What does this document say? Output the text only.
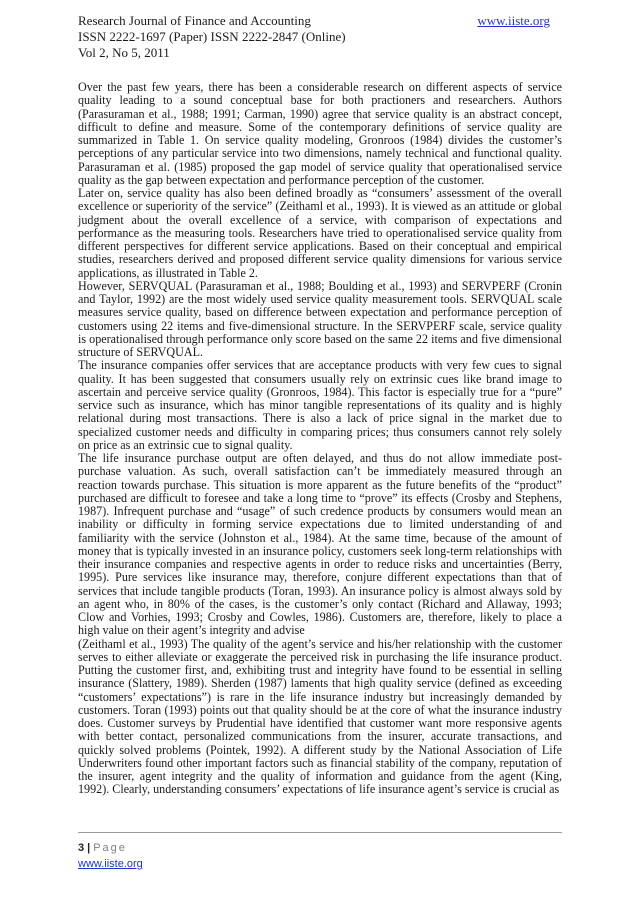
Research Journal of Finance and Accounting	www.iiste.org
ISSN 2222-1697 (Paper) ISSN 2222-2847 (Online)
Vol 2, No 5, 2011

Over the past few years, there has been a considerable research on different aspects of service quality leading to a sound conceptual base for both practioners and researchers. Authors (Parasuraman et al., 1988; 1991; Carman, 1990) agree that service quality is an abstract concept, difficult to define and measure. Some of the contemporary definitions of service quality are summarized in Table 1. On service quality modeling, Gronroos (1984) divides the customer’s perceptions of any particular service into two dimensions, namely technical and functional quality. Parasuraman et al. (1985) proposed the gap model of service quality that operationalised service quality as the gap between expectation and performance perception of the customer.

Later on, service quality has also been defined broadly as “consumers’ assessment of the overall excellence or superiority of the service” (Zeithaml et al., 1993). It is viewed as an attitude or global judgment about the overall excellence of a service, with comparison of expectations and performance as the measuring tools. Researchers have tried to operationalised service quality from different perspectives for different service applications. Based on their conceptual and empirical studies, researchers derived and proposed different service quality dimensions for various service applications, as illustrated in Table 2.

However, SERVQUAL (Parasuraman et al., 1988; Boulding et al., 1993) and SERVPERF (Cronin and Taylor, 1992) are the most widely used service quality measurement tools. SERVQUAL scale measures service quality, based on difference between expectation and performance perception of customers using 22 items and five-dimensional structure. In the SERVPERF scale, service quality is operationalised through performance only score based on the same 22 items and five dimensional structure of SERVQUAL.

The insurance companies offer services that are acceptance products with very few cues to signal quality. It has been suggested that consumers usually rely on extrinsic cues like brand image to ascertain and perceive service quality (Gronroos, 1984). This factor is especially true for a “pure” service such as insurance, which has minor tangible representations of its quality and is highly relational during most transactions. There is also a lack of price signal in the market due to specialized customer needs and difficulty in comparing prices; thus consumers cannot rely solely on price as an extrinsic cue to signal quality.

The life insurance purchase output are often delayed, and thus do not allow immediate post-purchase valuation. As such, overall satisfaction can’t be immediately measured through an reaction towards purchase. This situation is more apparent as the future benefits of the “product” purchased are difficult to foresee and take a long time to “prove” its effects (Crosby and Stephens, 1987). Infrequent purchase and “usage” of such credence products by consumers would mean an inability or difficulty in forming service expectations due to limited understanding of and familiarity with the service (Johnston et al., 1984). At the same time, because of the amount of money that is typically invested in an insurance policy, customers seek long-term relationships with their insurance companies and respective agents in order to reduce risks and uncertainties (Berry, 1995). Pure services like insurance may, therefore, conjure different expectations than that of services that include tangible products (Toran, 1993). An insurance policy is almost always sold by an agent who, in 80% of the cases, is the customer’s only contact (Richard and Allaway, 1993; Clow and Vorhies, 1993; Crosby and Cowles, 1986). Customers are, therefore, likely to place a high value on their agent’s integrity and advise

(Zeithaml et al., 1993) The quality of the agent’s service and his/her relationship with the customer serves to either alleviate or exaggerate the perceived risk in purchasing the life insurance product. Putting the customer first, and, exhibiting trust and integrity have found to be essential in selling insurance (Slattery, 1989). Sherden (1987) laments that high quality service (defined as exceeding “customers’ expectations”) is rare in the life insurance industry but increasingly demanded by customers. Toran (1993) points out that quality should be at the core of what the insurance industry does. Customer surveys by Prudential have identified that customer want more responsive agents with better contact, personalized communications from the insurer, accurate transactions, and quickly solved problems (Pointek, 1992). A different study by the National Association of Life Underwriters found other important factors such as financial stability of the company, reputation of the insurer, agent integrity and the quality of information and guidance from the agent (King, 1992). Clearly, understanding consumers’ expectations of life insurance agent’s service is crucial as

3 | Page
www.iiste.org
